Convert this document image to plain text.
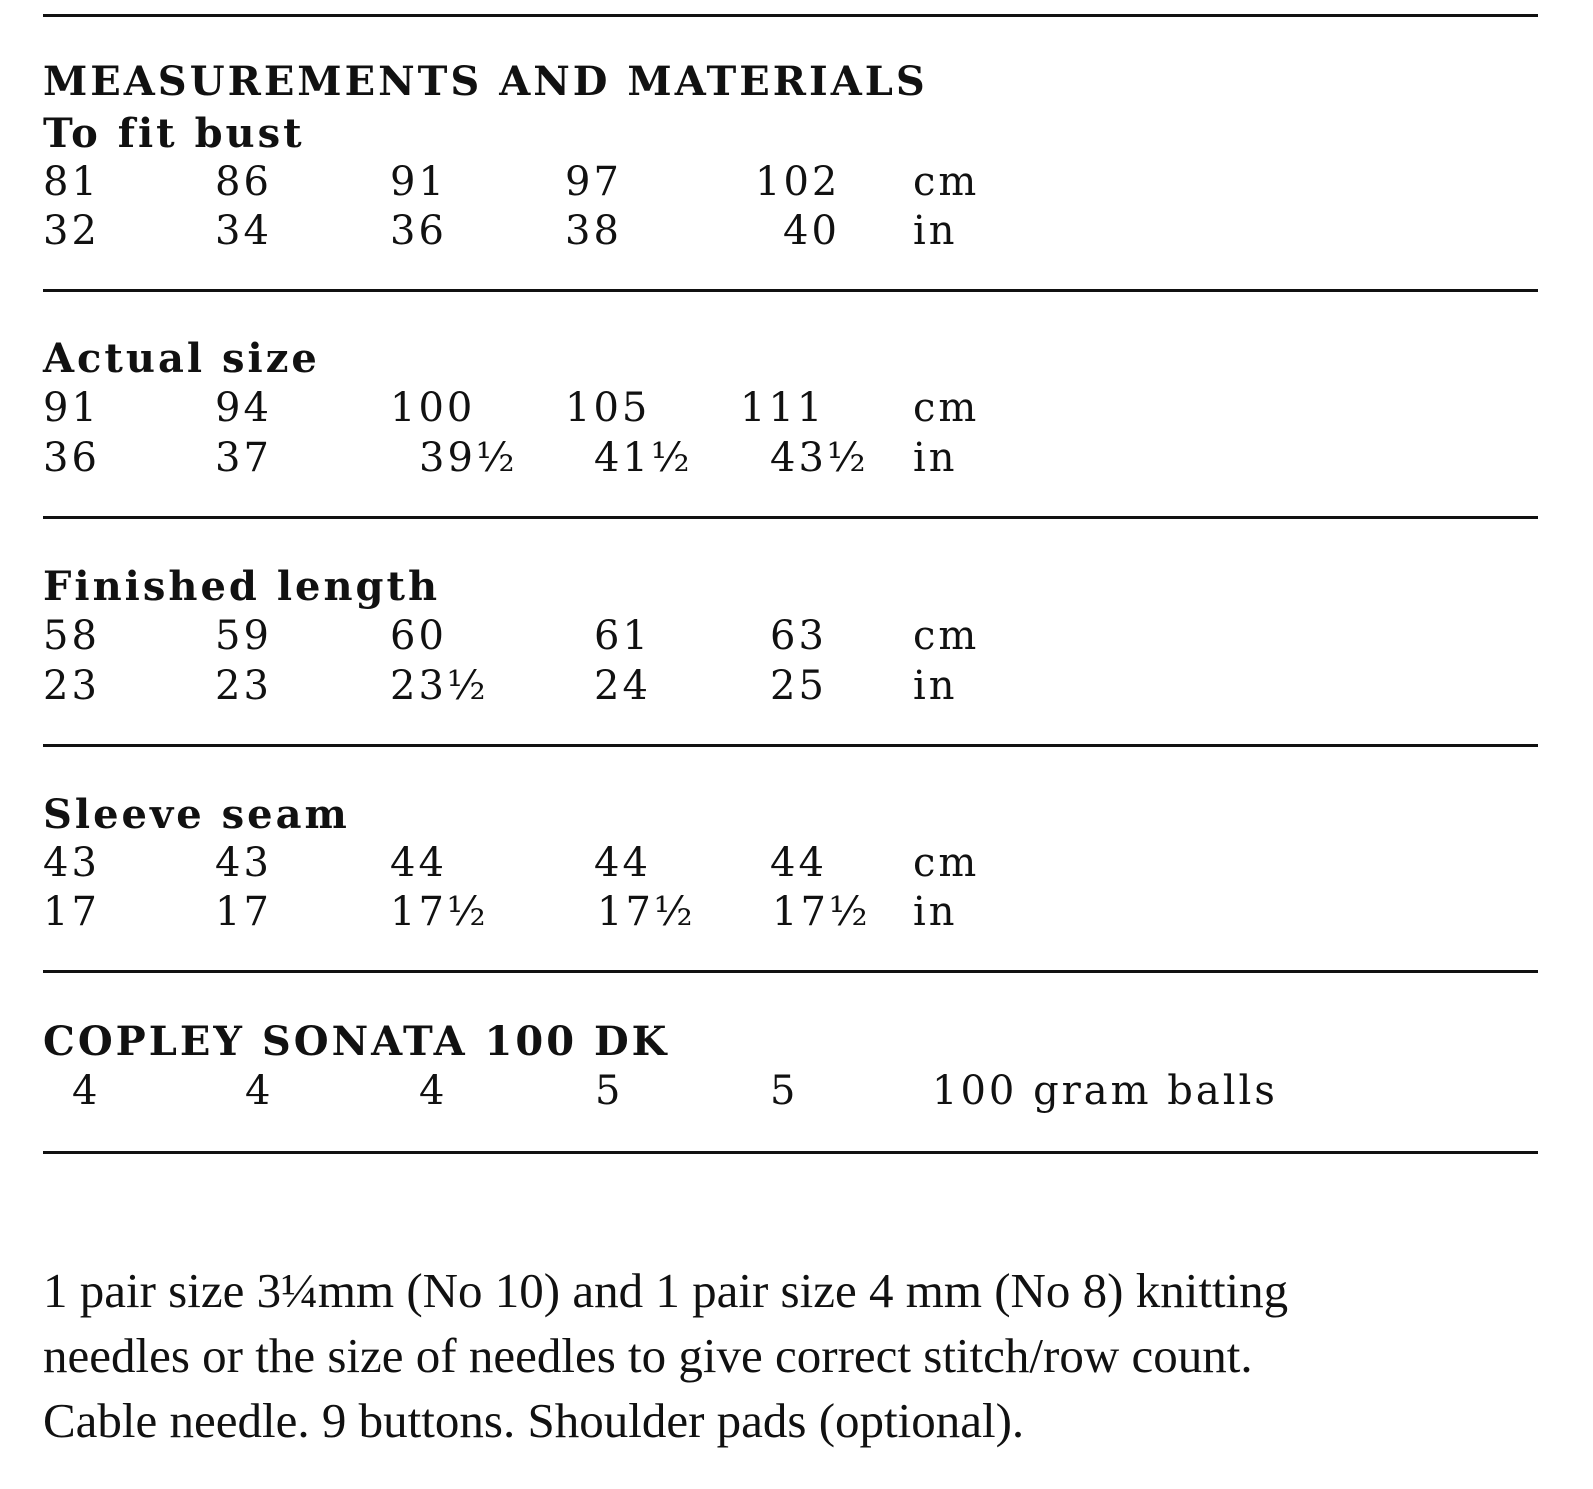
MEASUREMENTS AND MATERIALS
To fit bust
81	86	91	97	102 cm
32	34	36	38	40 in
Actual size
91	94	100 105 111 cm
36	37	39½ 41½ 43½ in
Finished length
58	59	60	61	63 cm
23	23	23½	24	25 in
Sleeve seam
43	43	44	44	44 cm
17	17	17½	17½ 17½ in
COPLEY SONATA 100 DK
4	4	4	5	5	100 gram balls

1 pair size 3¼mm (No 10) and 1 pair size 4 mm (No 8) knitting

needles or the size of needles to give correct stitch/row count.

Cable needle. 9 buttons. Shoulder pads (optional).
